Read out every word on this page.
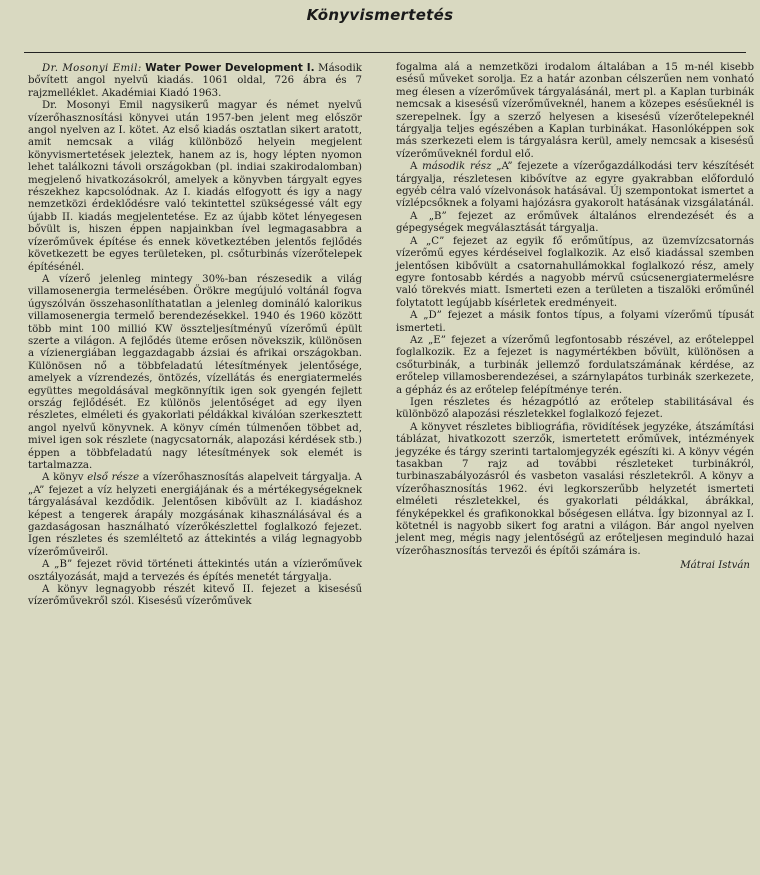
Könyvismertetés

Dr. Mosonyi Emil: Water Power Development I. Második bővített angol nyelvű kiadás. 1061 oldal, 726 ábra és 7 rajzmelléklet. Akadémiai Kiadó 1963.

Dr. Mosonyi Emil nagysikerű magyar és német nyelvű vízerőhasznosítási könyvei után 1957-ben jelent meg először angol nyelven az I. kötet. Az első kiadás osztatlan sikert aratott, amit nemcsak a világ különböző helyein megjelent könyvismertetések jeleztek, hanem az is, hogy lépten nyomon lehet találkozni távoli országokban (pl. indiai szakirodalomban) megjelenő hivatkozásokról, amelyek a könyvben tárgyalt egyes részekhez kapcsolódnak. Az I. kiadás elfogyott és igy a nagy nemzetközi érdeklődésre való tekintettel szükségessé vált egy újabb II. kiadás megjelentetése. Ez az újabb kötet lényegesen bővült is, hiszen éppen napjainkban ível legmagasabbra a vízerőművek építése és ennek következtében jelentős fejlődés következett be egyes területeken, pl. csőturbinás vízerőtelepek építésénél.

A vízerő jelenleg mintegy 30%-ban részesedik a világ villamosenergia termelésében. Örökre megújuló voltánál fogva úgyszólván összehasonlíthatatlan a jelenleg domináló kalorikus villamosenergia termelő berendezésekkel. 1940 és 1960 között több mint 100 millió KW összteljesítményű vízerőmű épült szerte a világon. A fejlődés üteme erősen növekszik, különösen a vízienergiában leggazdagabb ázsiai és afrikai országokban. Különösen nő a többfeladatú létesítmények jelentősége, amelyek a vízrendezés, öntözés, vízellátás és energiatermelés együttes megoldásával megkönnyítik igen sok gyengén fejlett ország fejlődését. Ez különös jelentőséget ad egy ilyen részletes, elméleti és gyakorlati példákkal kiválóan szerkesztett angol nyelvű könyvnek. A könyv címén túlmenően többet ad, mivel igen sok részlete (nagycsatornák, alapozási kérdések stb.) éppen a többfeladatú nagy létesítmények sok elemét is tartalmazza.

A könyv első része a vízerőhasznosítás alapelveit tárgyalja. A „A” fejezet a víz helyzeti energiájának és a mértékegységeknek tárgyalásával kezdődik. Jelentősen kibővült az I. kiadáshoz képest a tengerek árapály mozgásának kihasználásával és a gazdaságosan használható vízerőkészlettel foglalkozó fejezet. Igen részletes és szemléltető az áttekintés a világ legnagyobb vízerőműveiről.

A „B” fejezet rövid történeti áttekintés után a vízierőművek osztályozását, majd a tervezés és építés menetét tárgyalja.

A könyv legnagyobb részét kitevő II. fejezet a kisesésű vízerőművekről szól. Kisesésű vízerőművek

fogalma alá a nemzetközi irodalom általában a 15 m-nél kisebb esésű műveket sorolja. Ez a határ azonban célszerűen nem vonható meg élesen a vízerőművek tárgyalásánál, mert pl. a Kaplan turbinák nemcsak a kisesésű vízerőműveknél, hanem a közepes esésűeknél is szerepelnek. Így a szerző helyesen a kisesésű vízerőtelepeknél tárgyalja teljes egészében a Kaplan turbinákat. Hasonlóképpen sok más szerkezeti elem is tárgyalásra kerül, amely nemcsak a kisesésű vízerőműveknél fordul elő.

A második rész „A” fejezete a vízerőgazdálkodási terv készítését tárgyalja, részletesen kibővítve az egyre gyakrabban előforduló egyéb célra való vízelvonások hatásával. Új szempontokat ismertet a vízlépcsőknek a folyami hajózásra gyakorolt hatásának vizsgálatánál.

A „B” fejezet az erőművek általános elrendezését és a gépegységek megválasztását tárgyalja.

A „C” fejezet az egyik fő erőműtípus, az üzemvízcsatornás vízerőmű egyes kérdéseivel foglalkozik. Az első kiadással szemben jelentősen kibővült a csatornahullámokkal foglalkozó rész, amely egyre fontosabb kérdés a nagyobb mérvű csúcsenergiatermelésre való törekvés miatt. Ismerteti ezen a területen a tiszalöki erőműnél folytatott legújabb kísérletek eredményeit.

A „D” fejezet a másik fontos típus, a folyami vízerőmű típusát ismerteti.

Az „E” fejezet a vízerőmű legfontosabb részével, az erőteleppel foglalkozik. Ez a fejezet is nagymértékben bővült, különösen a csőturbinák, a turbinák jellemző fordulatszámának kérdése, az erőtelep villamosberendezései, a szárnylapátos turbinák szerkezete, a gépház és az erőtelep felépítménye terén.

Igen részletes és hézagpótló az erőtelep stabilitásával és különböző alapozási részletekkel foglalkozó fejezet.

A könyvet részletes bibliográfia, rövidítések jegyzéke, átszámítási táblázat, hivatkozott szerzők, ismertetett erőművek, intézmények jegyzéke és tárgy szerinti tartalomjegyzék egészíti ki. A könyv végén tasakban 7 rajz ad további részleteket turbinákról, turbinaszabályozásról és vasbeton vasalási részletekről. A könyv a vízerőhasznosítás 1962. évi legkorszerűbb helyzetét ismerteti elméleti részletekkel, és gyakorlati példákkal, ábrákkal, fényképekkel és grafikonokkal bőségesen ellátva. Így bizonnyal az I. kötetnél is nagyobb sikert fog aratni a világon. Bár angol nyelven jelent meg, mégis nagy jelentőségű az erőteljesen meginduló hazai vízerőhasznosítás tervezői és építői számára is.

Mátrai István
